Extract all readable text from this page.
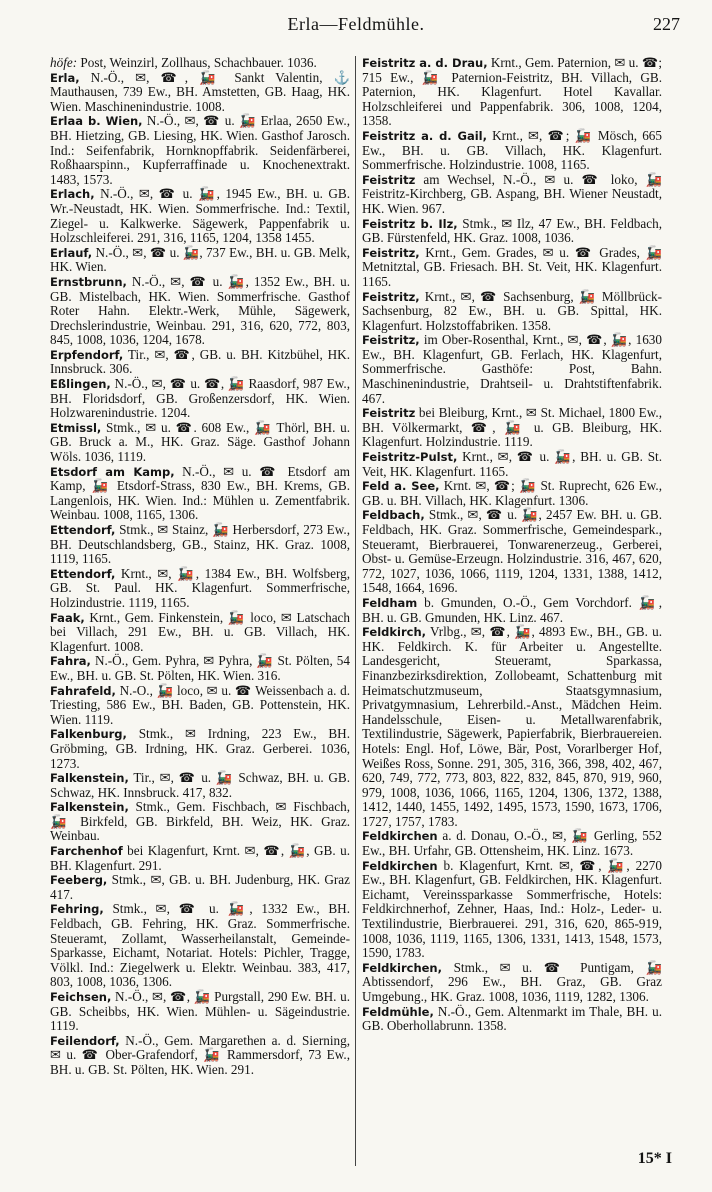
Erla—Feldmühle.	227
höfe: Post, Weinzirl, Zollhaus, Schachbauer. 1036.
Erla, N.-Ö., ✉, ☎, 🚂 Sankt Valentin, ⚓ Mauthausen, 739 Ew., BH. Amstetten, GB. Haag, HK. Wien. Maschinenindustrie. 1008.
Erlaa b. Wien, N.-Ö., ✉, ☎ u. 🚂 Erlaa, 2650 Ew., BH. Hietzing, GB. Liesing, HK. Wien. Gasthof Jarosch. Ind.: Seifenfabrik, Hornknopffabrik. Seidenfärberei, Roßhaarspinn., Kupferraffinade u. Knochenextrakt. 1483, 1573.
Erlach, N.-Ö., ✉, ☎ u. 🚂, 1945 Ew., BH. u. GB. Wr.-Neustadt, HK. Wien. Sommerfrische. Ind.: Textil, Ziegel- u. Kalkwerke. Sägewerk, Pappenfabrik u. Holzschleiferei. 291, 316, 1165, 1204, 1358 1455.
Erlauf, N.-Ö., ✉, ☎ u. 🚂, 737 Ew., BH. u. GB. Melk, HK. Wien.
Ernstbrunn, N.-Ö., ✉, ☎ u. 🚂, 1352 Ew., BH. u. GB. Mistelbach, HK. Wien. Sommerfrische. Gasthof Roter Hahn. Elektr.-Werk, Mühle, Sägewerk, Drechslerindustrie, Weinbau. 291, 316, 620, 772, 803, 845, 1008, 1036, 1204, 1678.
Erpfendorf, Tir., ✉, ☎, GB. u. BH. Kitzbühel, HK. Innsbruck. 306.
Eßlingen, N.-Ö., ✉, ☎ u. ☎, 🚂 Raasdorf, 987 Ew., BH. Floridsdorf, GB. Großenzersdorf, HK. Wien. Holzwarenindustrie. 1204.
Etmissl, Stmk., ✉ u. ☎. 608 Ew., 🚂 Thörl, BH. u. GB. Bruck a. M., HK. Graz. Säge. Gasthof Johann Wöls. 1036, 1119.
Etsdorf am Kamp, N.-Ö., ✉ u. ☎ Etsdorf am Kamp, 🚂 Etsdorf-Strass, 830 Ew., BH. Krems, GB. Langenlois, HK. Wien. Ind.: Mühlen u. Zementfabrik. Weinbau. 1008, 1165, 1306.
Ettendorf, Stmk., ✉ Stainz, 🚂 Herbersdorf, 273 Ew., BH. Deutschlandsberg, GB., Stainz, HK. Graz. 1008, 1119, 1165.
Ettendorf, Krnt., ✉, 🚂, 1384 Ew., BH. Wolfsberg, GB. St. Paul. HK. Klagenfurt. Sommerfrische, Holzindustrie. 1119, 1165.
Faak, Krnt., Gem. Finkenstein, 🚂 loco, ✉ Latschach bei Villach, 291 Ew., BH. u. GB. Villach, HK. Klagenfurt. 1008.
Fahra, N.-Ö., Gem. Pyhra, ✉ Pyhra, 🚂 St. Pölten, 54 Ew., BH. u. GB. St. Pölten, HK. Wien. 316.
Fahrafeld, N.-O., 🚂 loco, ✉ u. ☎ Weissenbach a. d. Triesting, 586 Ew., BH. Baden, GB. Pottenstein, HK. Wien. 1119.
Falkenburg, Stmk., ✉ Irdning, 223 Ew., BH. Gröbming, GB. Irdning, HK. Graz. Gerberei. 1036, 1273.
Falkenstein, Tir., ✉, ☎ u. 🚂 Schwaz, BH. u. GB. Schwaz, HK. Innsbruck. 417, 832.
Falkenstein, Stmk., Gem. Fischbach, ✉ Fischbach, 🚂 Birkfeld, GB. Birkfeld, BH. Weiz, HK. Graz. Weinbau.
Farchenhof bei Klagenfurt, Krnt. ✉, ☎, 🚂, GB. u. BH. Klagenfurt. 291.
Feeberg, Stmk., ✉, GB. u. BH. Judenburg, HK. Graz 417.
Fehring, Stmk., ✉, ☎ u. 🚂, 1332 Ew., BH. Feldbach, GB. Fehring, HK. Graz. Sommerfrische. Steueramt, Zollamt, Wasserheilanstalt, Gemeinde-Sparkasse, Eichamt, Notariat. Hotels: Pichler, Tragge, Völkl. Ind.: Ziegelwerk u. Elektr. Weinbau. 383, 417, 803, 1008, 1036, 1306.
Feichsen, N.-Ö., ✉, ☎, 🚂 Purgstall, 290 Ew. BH. u. GB. Scheibbs, HK. Wien. Mühlen- u. Sägeindustrie. 1119.
Feilendorf, N.-Ö., Gem. Margarethen a. d. Sierning, ✉ u. ☎ Ober-Grafendorf, 🚂 Rammersdorf, 73 Ew., BH. u. GB. St. Pölten, HK. Wien. 291.
Feistritz a. d. Drau, Krnt., Gem. Paternion, ✉ u. ☎; 715 Ew., 🚂 Paternion-Feistritz, BH. Villach, GB. Paternion, HK. Klagenfurt. Hotel Kavallar. Holzschleiferei und Pappenfabrik. 306, 1008, 1204, 1358.
Feistritz a. d. Gail, Krnt., ✉, ☎; 🚂 Mösch, 665 Ew., BH. u. GB. Villach, HK. Klagenfurt. Sommerfrische. Holzindustrie. 1008, 1165.
Feistritz am Wechsel, N.-Ö., ✉ u. ☎ loko, 🚂 Feistritz-Kirchberg, GB. Aspang, BH. Wiener Neustadt, HK. Wien. 967.
Feistritz b. Ilz, Stmk., ✉ Ilz, 47 Ew., BH. Feldbach, GB. Fürstenfeld, HK. Graz. 1008, 1036.
Feistritz, Krnt., Gem. Grades, ✉ u. ☎ Grades, 🚂 Metnitztal, GB. Friesach. BH. St. Veit, HK. Klagenfurt. 1165.
Feistritz, Krnt., ✉, ☎ Sachsenburg, 🚂 Möllbrück-Sachsenburg, 82 Ew., BH. u. GB. Spittal, HK. Klagenfurt. Holzstoffabriken. 1358.
Feistritz, im Ober-Rosenthal, Krnt., ✉, ☎, 🚂, 1630 Ew., BH. Klagenfurt, GB. Ferlach, HK. Klagenfurt, Sommerfrische. Gasthöfe: Post, Bahn. Maschinenindustrie, Drahtseil- u. Drahtstiftenfabrik. 467.
Feistritz bei Bleiburg, Krnt., ✉ St. Michael, 1800 Ew., BH. Völkermarkt, ☎, 🚂 u. GB. Bleiburg, HK. Klagenfurt. Holzindustrie. 1119.
Feistritz-Pulst, Krnt., ✉, ☎ u. 🚂, BH. u. GB. St. Veit, HK. Klagenfurt. 1165.
Feld a. See, Krnt. ✉, ☎; 🚂 St. Ruprecht, 626 Ew., GB. u. BH. Villach, HK. Klagenfurt. 1306.
Feldbach, Stmk., ✉, ☎ u. 🚂, 2457 Ew. BH. u. GB. Feldbach, HK. Graz. Sommerfrische, Gemeindespark., Steueramt, Bierbrauerei, Tonwarenerzeug., Gerberei, Obst- u. Gemüse-Erzeugn. Holzindustrie. 316, 467, 620, 772, 1027, 1036, 1066, 1119, 1204, 1331, 1388, 1412, 1548, 1664, 1696.
Feldham b. Gmunden, O.-Ö., Gem Vorchdorf. 🚂, BH. u. GB. Gmunden, HK. Linz. 467.
Feldkirch, Vrlbg., ✉, ☎, 🚂, 4893 Ew., BH., GB. u. HK. Feldkirch. K. für Arbeiter u. Angestellte. Landesgericht, Steueramt, Sparkassa, Finanzbezirksdirektion, Zollobeamt, Schattenburg mit Heimatschutzmuseum, Staatsgymnasium, Privatgymnasium, Lehrerbild.-Anst., Mädchen Heim. Handelsschule, Eisen- u. Metallwarenfabrik, Textilindustrie, Sägewerk, Papierfabrik, Bierbrauereien. Hotels: Engl. Hof, Löwe, Bär, Post, Vorarlberger Hof, Weißes Ross, Sonne. 291, 305, 316, 366, 398, 402, 467, 620, 749, 772, 773, 803, 822, 832, 845, 870, 919, 960, 979, 1008, 1036, 1066, 1165, 1204, 1306, 1372, 1388, 1412, 1440, 1455, 1492, 1495, 1573, 1590, 1673, 1706, 1727, 1757, 1783.
Feldkirchen a. d. Donau, O.-Ö., ✉, 🚂 Gerling, 552 Ew., BH. Urfahr, GB. Ottensheim, HK. Linz. 1673.
Feldkirchen b. Klagenfurt, Krnt. ✉, ☎, 🚂, 2270 Ew., BH. Klagenfurt, GB. Feldkirchen, HK. Klagenfurt. Eichamt, Vereinssparkasse Sommerfrische, Hotels: Feldkirchnerhof, Zehner, Haas, Ind.: Holz-, Leder- u. Textilindustrie, Bierbrauerei. 291, 316, 620, 865-919, 1008, 1036, 1119, 1165, 1306, 1331, 1413, 1548, 1573, 1590, 1783.
Feldkirchen, Stmk., ✉ u. ☎ Puntigam, 🚂 Abtissendorf, 296 Ew., BH. Graz, GB. Graz Umgebung., HK. Graz. 1008, 1036, 1119, 1282, 1306.
Feldmühle, N.-Ö., Gem. Altenmarkt im Thale, BH. u. GB. Oberhollabrunn. 1358.
15* I
